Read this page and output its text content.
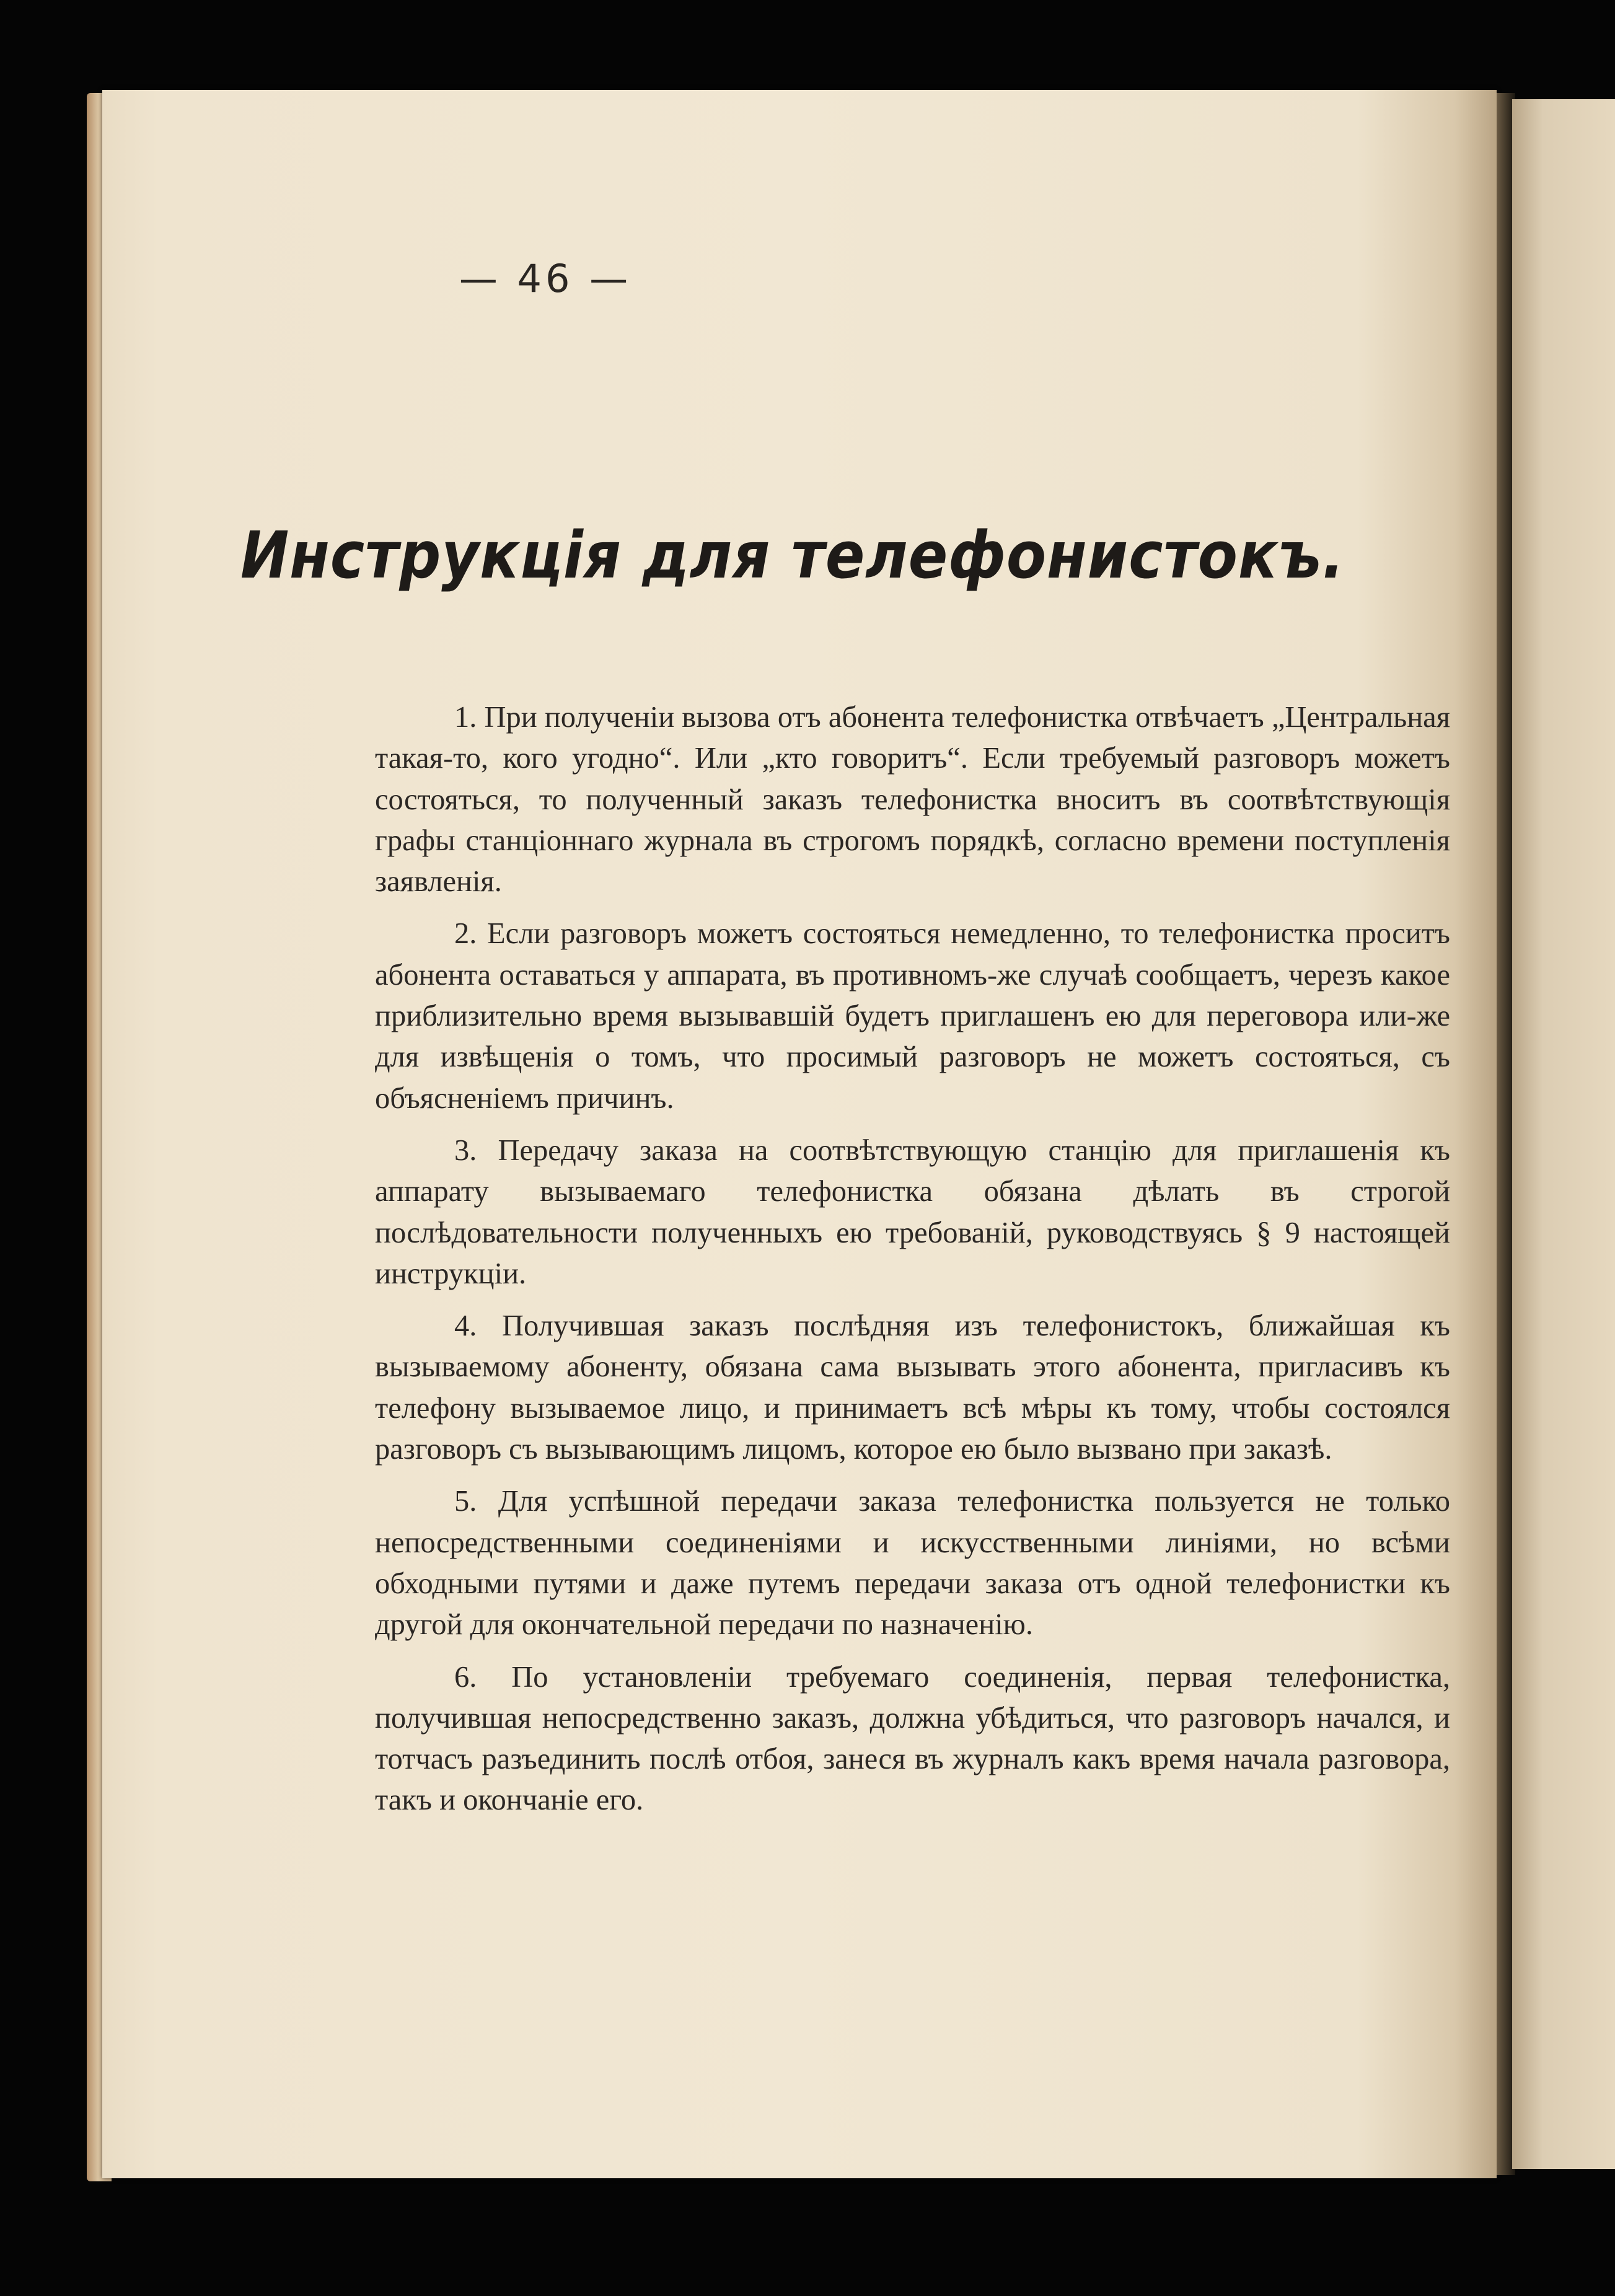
— 46 —
Инструкція для телефонистокъ.

1. При полученіи вызова отъ абонента телефонистка отвѣчаетъ „Центральная такая-то, кого угодно“. Или „кто говоритъ“. Если требуемый разговоръ можетъ состояться, то полученный заказъ телефонистка вноситъ въ соотвѣтствующія графы станціоннаго журнала въ строгомъ порядкѣ, согласно времени поступленія заявленія.

2. Если разговоръ можетъ состояться немедленно, то телефонистка проситъ абонента оставаться у аппарата, въ противномъ-же случаѣ сообщаетъ, черезъ какое приблизительно время вызывавшій будетъ приглашенъ ею для переговора или-же для извѣщенія о томъ, что просимый разговоръ не можетъ состояться, съ объясненіемъ причинъ.

3. Передачу заказа на соотвѣтствующую станцію для приглашенія къ аппарату вызываемаго телефонистка обязана дѣлать въ строгой послѣдовательности полученныхъ ею требованій, руководствуясь § 9 настоящей инструкціи.

4. Получившая заказъ послѣдняя изъ телефонистокъ, ближайшая къ вызываемому абоненту, обязана сама вызывать этого абонента, пригласивъ къ телефону вызываемое лицо, и принимаетъ всѣ мѣры къ тому, чтобы состоялся разговоръ съ вызывающимъ лицомъ, которое ею было вызвано при заказѣ.

5. Для успѣшной передачи заказа телефонистка пользуется не только непосредственными соединеніями и искусственными линіями, но всѣми обходными путями и даже путемъ передачи заказа отъ одной телефонистки къ другой для окончательной передачи по назначенію.

6. По установленіи требуемаго соединенія, первая телефонистка, получившая непосредственно заказъ, должна убѣдиться, что разговоръ начался, и тотчасъ разъединить послѣ отбоя, занеся въ журналъ какъ время начала разговора, такъ и окончаніе его.
